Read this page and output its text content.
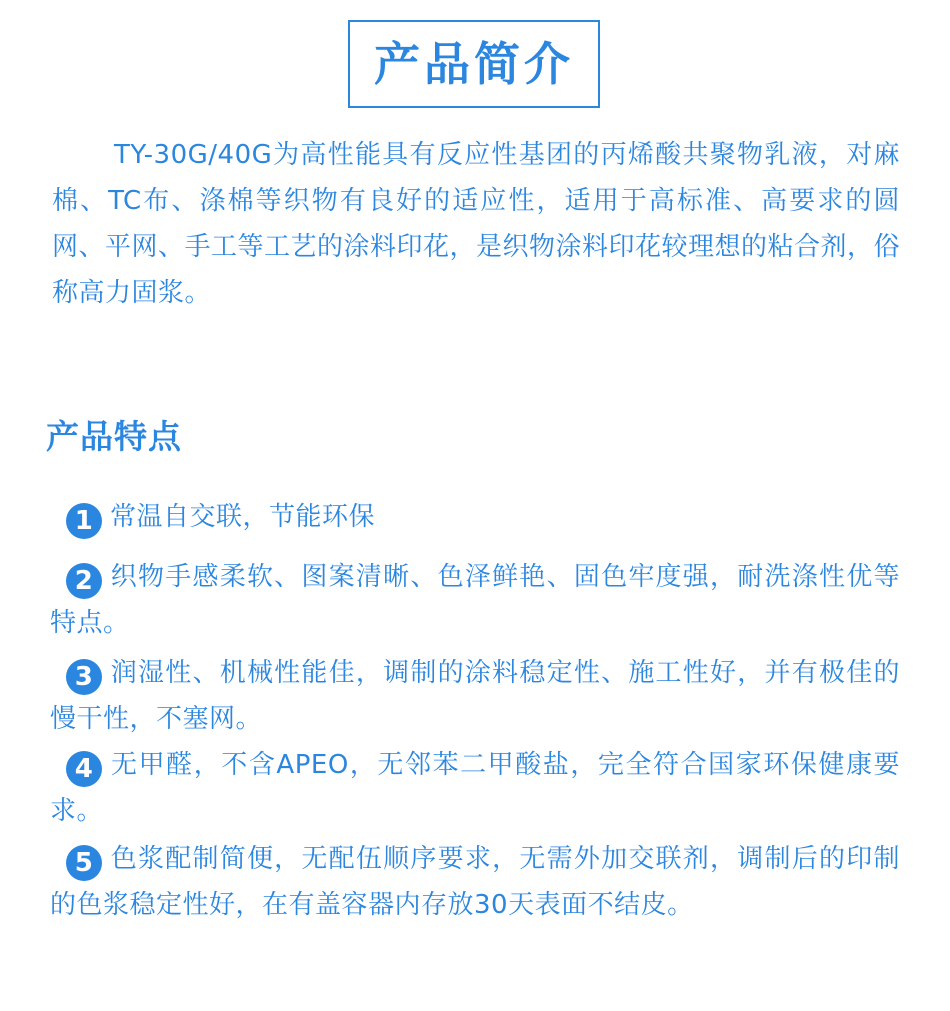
产品简介

TY-30G/40G为高性能具有反应性基团的丙烯酸共聚物乳液，对麻棉、TC布、涤棉等织物有良好的适应性，适用于高标准、高要求的圆网、平网、手工等工艺的涂料印花，是织物涂料印花较理想的粘合剂，俗称高力固浆。

产品特点
1 常温自交联，节能环保
2 织物手感柔软、图案清晰、色泽鲜艳、固色牢度强，耐洗涤性优等特点。
3 润湿性、机械性能佳，调制的涂料稳定性、施工性好，并有极佳的慢干性，不塞网。
4 无甲醛，不含APEO，无邻苯二甲酸盐，完全符合国家环保健康要求。
5 色浆配制简便，无配伍顺序要求，无需外加交联剂，调制后的印制的色浆稳定性好，在有盖容器内存放30天表面不结皮。
